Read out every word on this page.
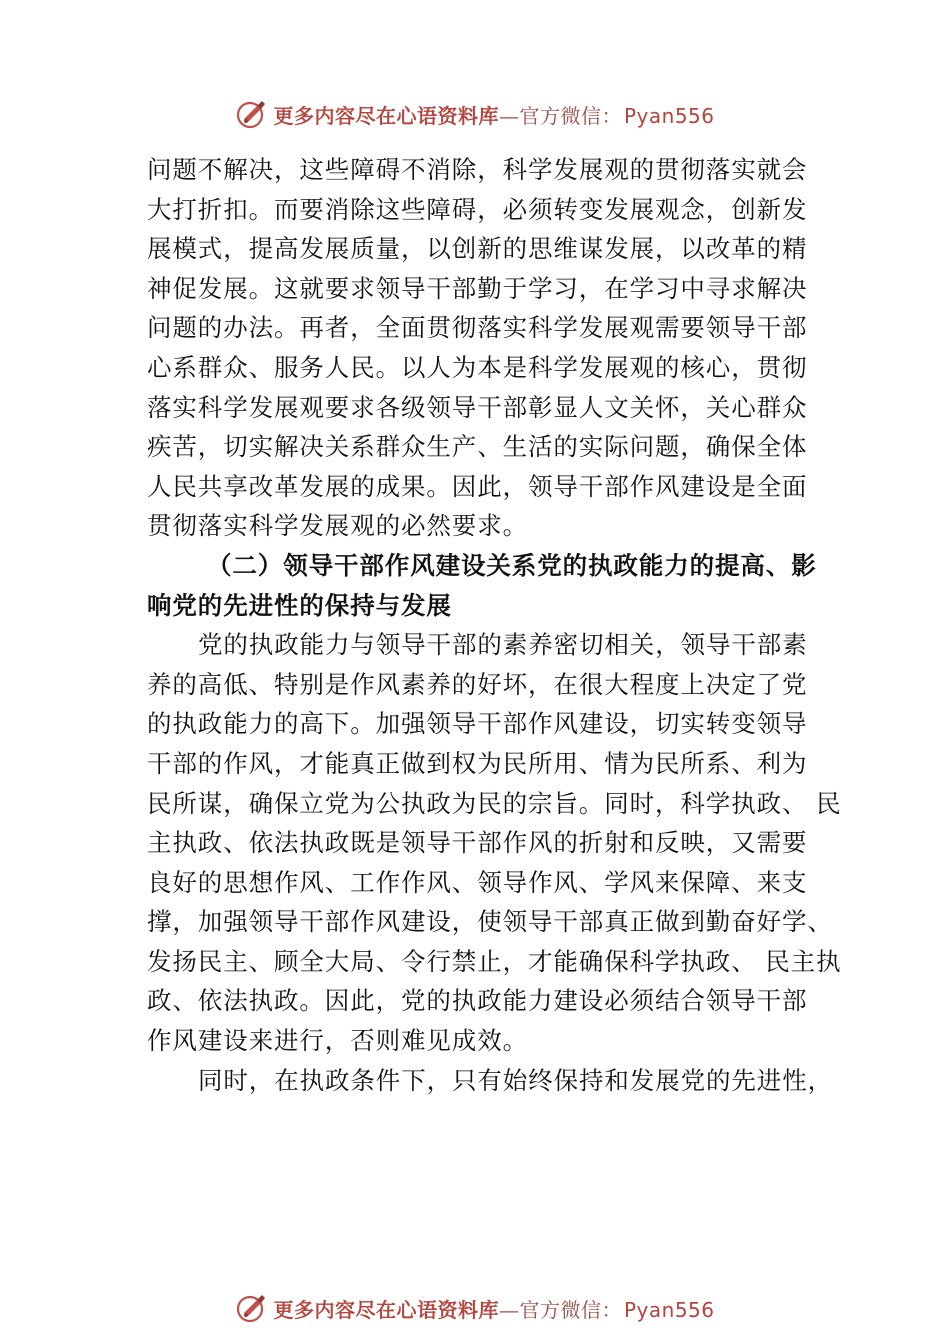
更多内容尽在心语资料库—官方微信： Pyan556
问题不解决，这些障碍不消除，科学发展观的贯彻落实就会
大打折扣。而要消除这些障碍，必须转变发展观念，创新发
展模式，提高发展质量，以创新的思维谋发展，以改革的精
神促发展。这就要求领导干部勤于学习，在学习中寻求解决
问题的办法。再者，全面贯彻落实科学发展观需要领导干部
心系群众、服务人民。以人为本是科学发展观的核心，贯彻
落实科学发展观要求各级领导干部彰显人文关怀，关心群众
疾苦，切实解决关系群众生产、生活的实际问题，确保全体
人民共享改革发展的成果。因此，领导干部作风建设是全面
贯彻落实科学发展观的必然要求。
（二）领导干部作风建设关系党的执政能力的提高、影
响党的先进性的保持与发展
党的执政能力与领导干部的素养密切相关，领导干部素
养的高低、特别是作风素养的好坏，在很大程度上决定了党
的执政能力的高下。加强领导干部作风建设，切实转变领导
干部的作风，才能真正做到权为民所用、情为民所系、利为
民所谋，确保立党为公执政为民的宗旨。同时，科学执政、 民
主执政、依法执政既是领导干部作风的折射和反映，又需要
良好的思想作风、工作作风、领导作风、学风来保障、来支
撑，加强领导干部作风建设，使领导干部真正做到勤奋好学、
发扬民主、顾全大局、令行禁止，才能确保科学执政、 民主执
政、依法执政。因此，党的执政能力建设必须结合领导干部
作风建设来进行，否则难见成效。
同时，在执政条件下，只有始终保持和发展党的先进性，
更多内容尽在心语资料库—官方微信： Pyan556
